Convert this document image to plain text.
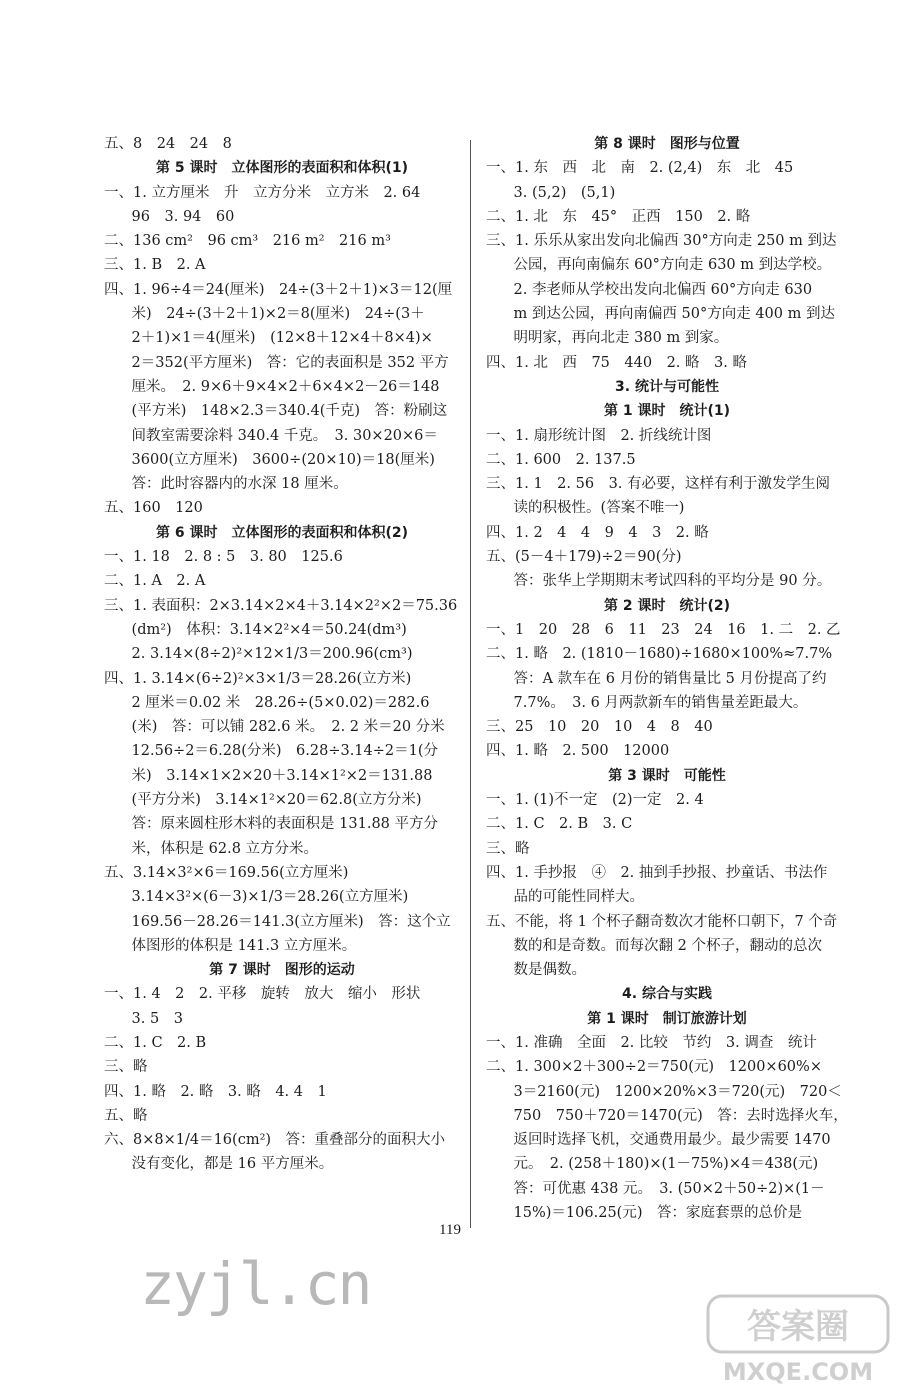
五、8　24　24　8
第 5 课时　立体图形的表面积和体积(1)
一、1. 立方厘米　升　立方分米　立方米　2. 64
96　3. 94　60
二、136 cm²　96 cm³　216 m²　216 m³
三、1. B　2. A
四、1. 96÷4＝24(厘米)　24÷(3＋2＋1)×3＝12(厘
米)　24÷(3＋2＋1)×2＝8(厘米)　24÷(3＋
2＋1)×1＝4(厘米)　(12×8＋12×4＋8×4)×
2＝352(平方厘米)　答：它的表面积是 352 平方
厘米。　2. 9×6＋9×4×2＋6×4×2－26＝148
(平方米)　148×2.3＝340.4(千克)　答：粉刷这
间教室需要涂料 340.4 千克。　3. 30×20×6＝
3600(立方厘米)　3600÷(20×10)＝18(厘米)
答：此时容器内的水深 18 厘米。
五、160　120
第 6 课时　立体图形的表面积和体积(2)
一、1. 18　2. 8 : 5　3. 80　125.6
二、1. A　2. A
三、1. 表面积：2×3.14×2×4＋3.14×2²×2＝75.36
(dm²)　体积：3.14×2²×4＝50.24(dm³)
2. 3.14×(8÷2)²×12×1/3＝200.96(cm³)
四、1. 3.14×(6÷2)²×3×1/3＝28.26(立方米)
2 厘米＝0.02 米　28.26÷(5×0.02)＝282.6
(米)　答：可以铺 282.6 米。　2. 2 米＝20 分米
12.56÷2＝6.28(分米)　6.28÷3.14÷2＝1(分
米)　3.14×1×2×20＋3.14×1²×2＝131.88
(平方分米)　3.14×1²×20＝62.8(立方分米)
答：原来圆柱形木料的表面积是 131.88 平方分
米，体积是 62.8 立方分米。
五、3.14×3²×6＝169.56(立方厘米)
3.14×3²×(6－3)×1/3＝28.26(立方厘米)
169.56－28.26＝141.3(立方厘米)　答：这个立
体图形的体积是 141.3 立方厘米。
第 7 课时　图形的运动
一、1. 4　2　2. 平移　旋转　放大　缩小　形状
3. 5　3
二、1. C　2. B
三、略
四、1. 略　2. 略　3. 略　4. 4　1
五、略
六、8×8×1/4＝16(cm²)　答：重叠部分的面积大小
没有变化，都是 16 平方厘米。
第 8 课时　图形与位置
一、1. 东　西　北　南　2. (2,4)　东　北　45
3. (5,2)　(5,1)
二、1. 北　东　45°　正西　150　2. 略
三、1. 乐乐从家出发向北偏西 30°方向走 250 m 到达
公园，再向南偏东 60°方向走 630 m 到达学校。
2. 李老师从学校出发向北偏西 60°方向走 630
m 到达公园，再向南偏西 50°方向走 400 m 到达
明明家，再向北走 380 m 到家。
四、1. 北　西　75　440　2. 略　3. 略
3. 统计与可能性
第 1 课时　统计(1)
一、1. 扇形统计图　2. 折线统计图
二、1. 600　2. 137.5
三、1. 1　2. 56　3. 有必要，这样有利于激发学生阅
读的积极性。(答案不唯一)
四、1. 2　4　4　9　4　3　2. 略
五、(5－4＋179)÷2＝90(分)
答：张华上学期期末考试四科的平均分是 90 分。
第 2 课时　统计(2)
一、1　20　28　6　11　23　24　16　1. 二　2. 乙
二、1. 略　2. (1810－1680)÷1680×100%≈7.7%
答：A 款车在 6 月份的销售量比 5 月份提高了约
7.7%。　3. 6 月两款新车的销售量差距最大。
三、25　10　20　10　4　8　40
四、1. 略　2. 500　12000
第 3 课时　可能性
一、1. (1)不一定　(2)一定　2. 4
二、1. C　2. B　3. C
三、略
四、1. 手抄报　④　2. 抽到手抄报、抄童话、书法作
品的可能性同样大。
五、不能，将 1 个杯子翻奇数次才能杯口朝下，7 个奇
数的和是奇数。而每次翻 2 个杯子，翻动的总次
数是偶数。
4. 综合与实践
第 1 课时　制订旅游计划
一、1. 准确　全面　2. 比较　节约　3. 调查　统计
二、1. 300×2＋300÷2＝750(元)　1200×60%×
3＝2160(元)　1200×20%×3＝720(元)　720＜
750　750＋720＝1470(元)　答：去时选择火车，
返回时选择飞机，交通费用最少。最少需要 1470
元。　2. (258＋180)×(1－75%)×4＝438(元)
答：可优惠 438 元。　3. (50×2＋50÷2)×(1－
15%)＝106.25(元)　答：家庭套票的总价是
119
zyjl.cn
答案圈
MXQE.COM
